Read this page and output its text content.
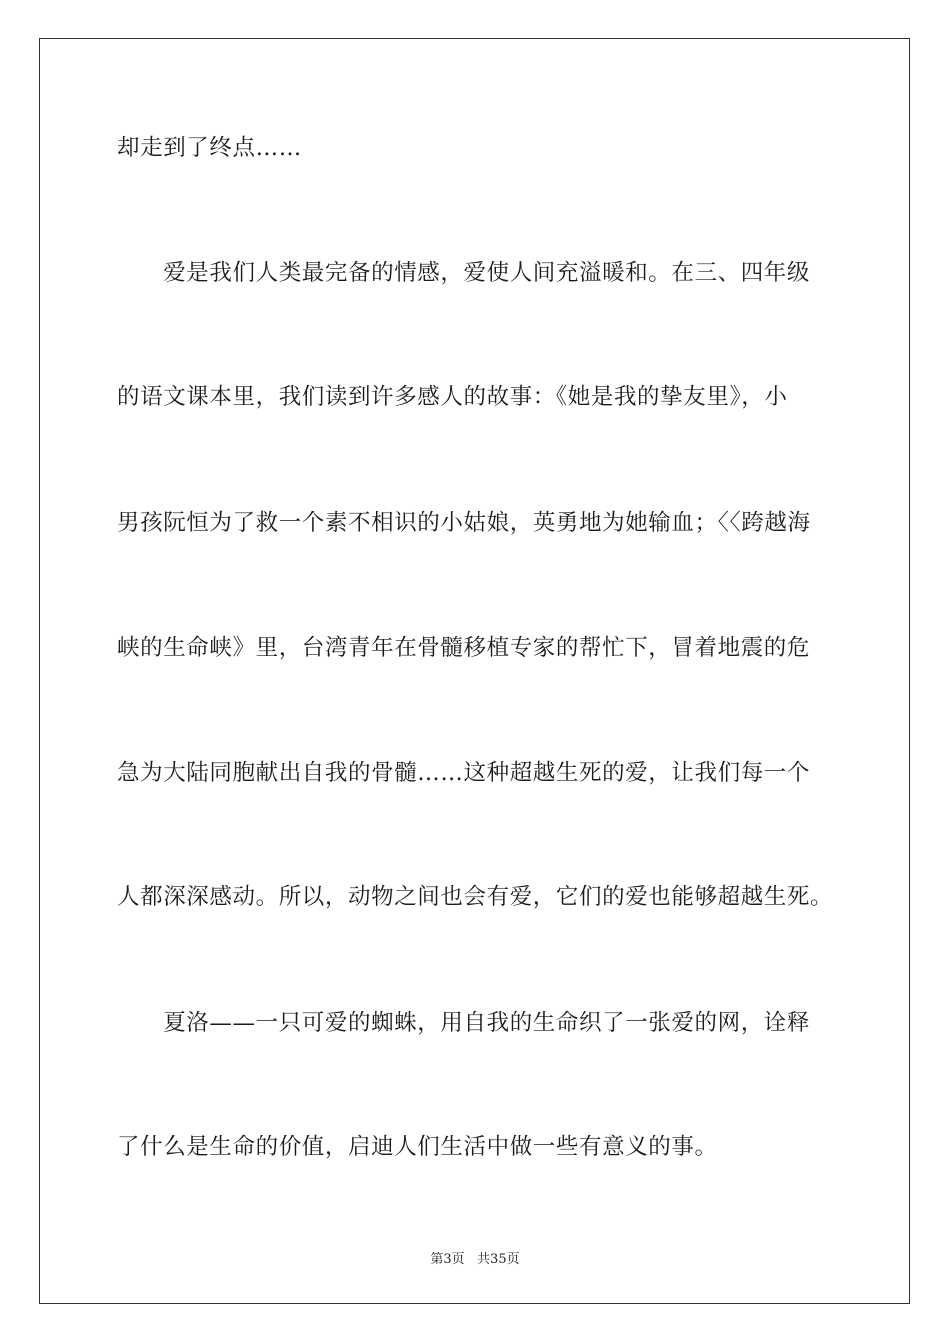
却走到了终点……
　　爱是我们人类最完备的情感，爱使人间充溢暖和。在三、四年级
的语文课本里，我们读到许多感人的故事：《她是我的挚友里》，小
男孩阮恒为了救一个素不相识的小姑娘，英勇地为她输血；〈〈跨越海
峡的生命峡》里，台湾青年在骨髓移植专家的帮忙下，冒着地震的危
急为大陆同胞献出自我的骨髓……这种超越生死的爱，让我们每一个
人都深深感动。所以，动物之间也会有爱，它们的爱也能够超越生死。
　　夏洛——一只可爱的蜘蛛，用自我的生命织了一张爱的网，诠释
了什么是生命的价值，启迪人们生活中做一些有意义的事。
第3页   共35页
